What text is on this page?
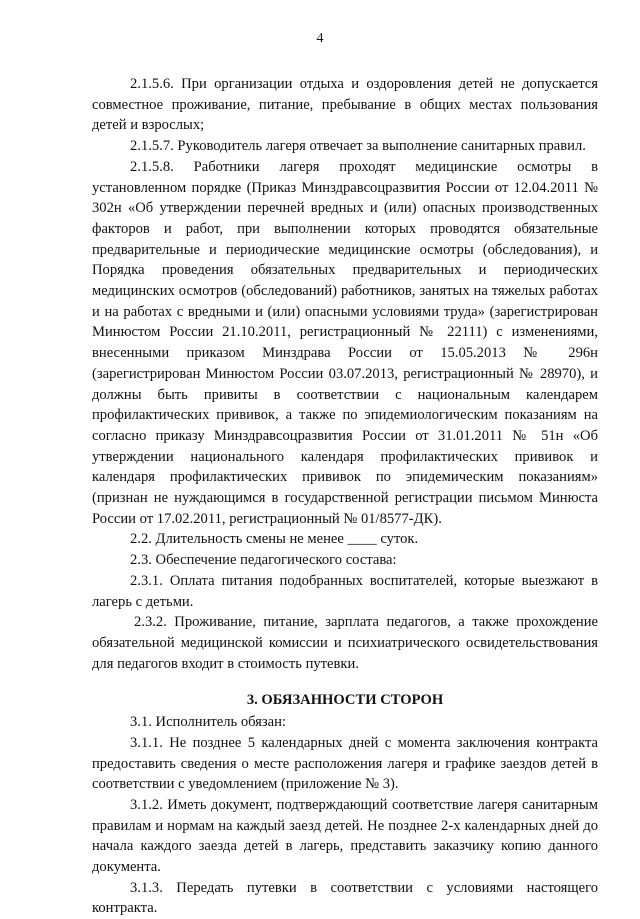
4

2.1.5.6. При организации отдыха и оздоровления детей не допускается совместное проживание, питание, пребывание в общих местах пользования детей и взрослых;

2.1.5.7. Руководитель лагеря отвечает за выполнение санитарных правил.

2.1.5.8. Работники лагеря проходят медицинские осмотры в установленном порядке (Приказ Минздравсоцразвития России от 12.04.2011 № 302н «Об утверждении перечней вредных и (или) опасных производственных факторов и работ, при выполнении которых проводятся обязательные предварительные и периодические медицинские осмотры (обследования), и Порядка проведения обязательных предварительных и периодических медицинских осмотров (обследований) работников, занятых на тяжелых работах и на работах с вредными и (или) опасными условиями труда» (зарегистрирован Минюстом России 21.10.2011, регистрационный № 22111) с изменениями, внесенными приказом Минздрава России от 15.05.2013 № 296н (зарегистрирован Минюстом России 03.07.2013, регистрационный № 28970), и должны быть привиты в соответствии с национальным календарем профилактических прививок, а также по эпидемиологическим показаниям на согласно приказу Минздравсоцразвития России от 31.01.2011 № 51н «Об утверждении национального календаря профилактических прививок и календаря профилактических прививок по эпидемическим показаниям» (признан не нуждающимся в государственной регистрации письмом Минюста России от 17.02.2011, регистрационный № 01/8577-ДК).

2.2. Длительность смены не менее ____ суток.

2.3. Обеспечение педагогического состава:

2.3.1. Оплата питания подобранных воспитателей, которые выезжают в лагерь с детьми.

2.3.2. Проживание, питание, зарплата педагогов, а также прохождение обязательной медицинской комиссии и психиатрического освидетельствования для педагогов входит в стоимость путевки.

3. ОБЯЗАННОСТИ СТОРОН

3.1. Исполнитель обязан:

3.1.1. Не позднее 5 календарных дней с момента заключения контракта предоставить сведения о месте расположения лагеря и графике заездов детей в соответствии с уведомлением (приложение № 3).

3.1.2. Иметь документ, подтверждающий соответствие лагеря санитарным правилам и нормам на каждый заезд детей. Не позднее 2-х календарных дней до начала каждого заезда детей в лагерь, представить заказчику копию данного документа.

3.1.3. Передать путевки в соответствии с условиями настоящего контракта.
